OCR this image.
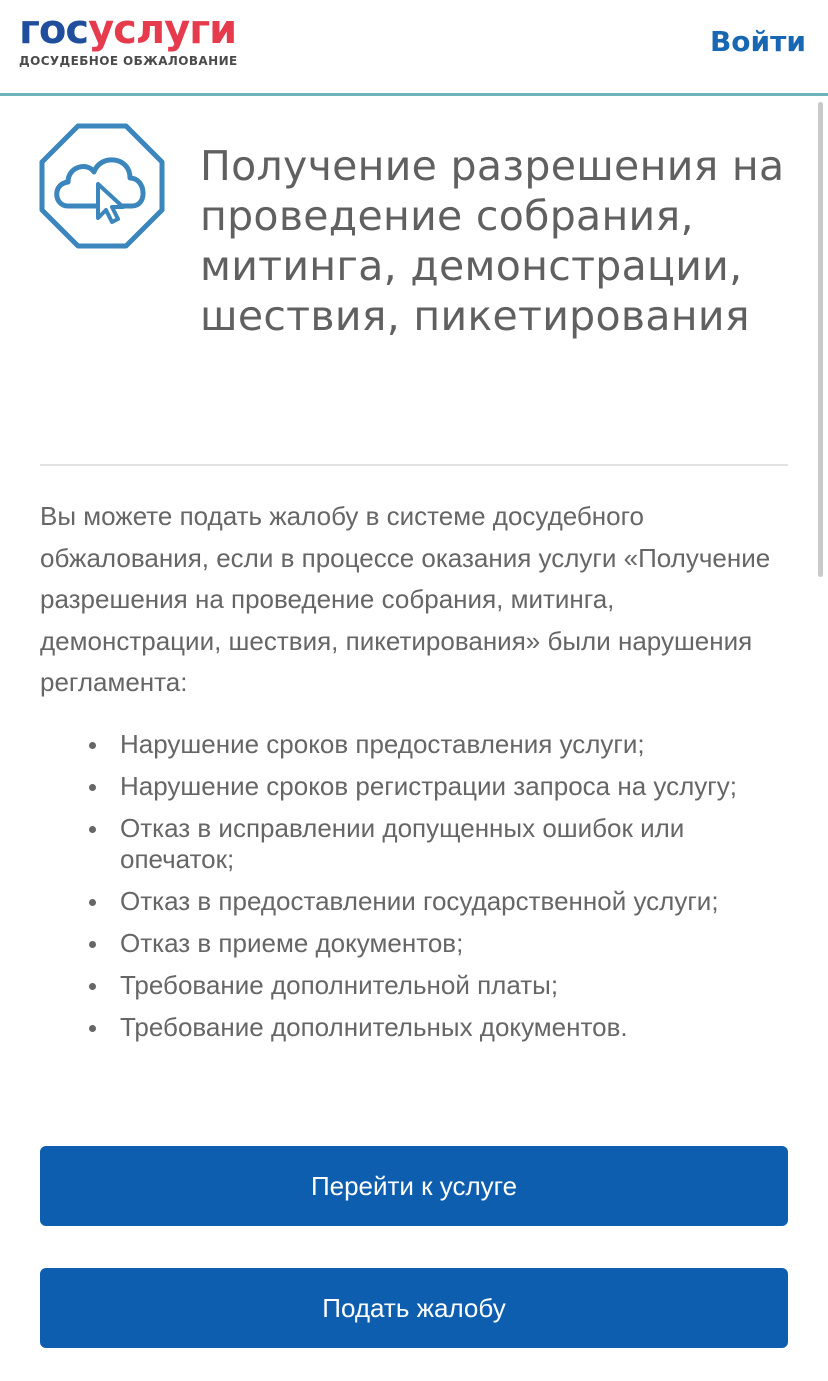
госуслуги
ДОСУДЕБНОЕ ОБЖАЛОВАНИЕ
Войти
Получение разрешения на проведение собрания, митинга, демонстрации, шествия, пикетирования

Вы можете подать жалобу в системе досудебного обжалования, если в процессе оказания услуги «Получение разрешения на проведение собрания, митинга, демонстрации, шествия, пикетирования» были нарушения регламента:

Нарушение сроков предоставления услуги;
Нарушение сроков регистрации запроса на услугу;
Отказ в исправлении допущенных ошибок или опечаток;
Отказ в предоставлении государственной услуги;
Отказ в приеме документов;
Требование дополнительной платы;
Требование дополнительных документов.
Перейти к услуге
Подать жалобу
